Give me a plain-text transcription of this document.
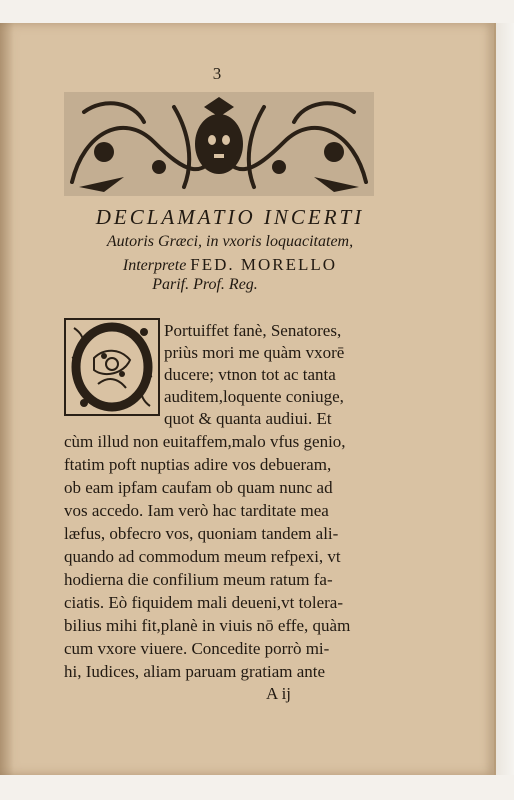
3
DECLAMATIO INCERTI
Autoris Græci, in vxoris loquacitatem,
Interprete FED. MORELLO
Parif. Prof. Reg.
Portuiffet fanè, Senatores,
priùs mori me quàm vxorē
ducere; vtnon tot ac tanta
auditem,loquente coniuge,
quot & quanta audiui. Et
cùm illud non euitaffem,malo vfus genio,
ftatim poft nuptias adire vos debueram,
ob eam ipfam caufam ob quam nunc ad
vos accedo. Iam verò hac tarditate mea
læfus, obfecro vos, quoniam tandem ali-
quando ad commodum meum refpexi, vt
hodierna die confilium meum ratum fa-
ciatis. Eò fiquidem mali deueni,vt tolera-
bilius mihi fit,planè in viuis nō effe, quàm
cum vxore viuere. Concedite porrò mi-
hi, Iudices, aliam paruam gratiam ante
A ij
